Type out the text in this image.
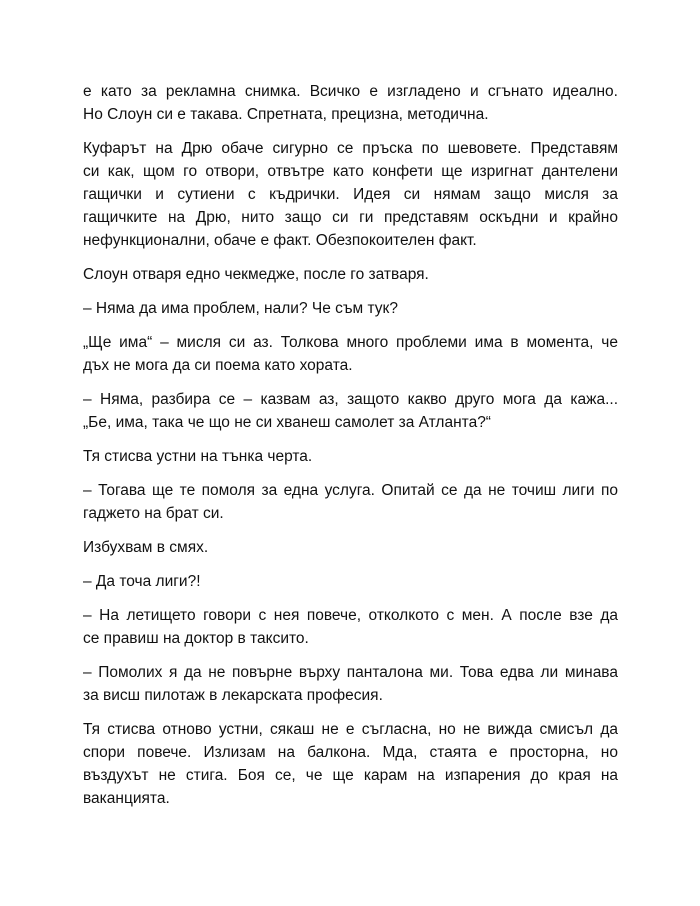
е като за рекламна снимка. Всичко е изгладено и сгънато идеално.
Но Слоун си е такава. Спретната, прецизна, методична.

Куфарът на Дрю обаче сигурно се пръска по шевовете. Представям
си как, щом го отвори, отвътре като конфети ще изригнат дантелени
гащички и сутиени с къдрички. Идея си нямам защо мисля за
гащичките на Дрю, нито защо си ги представям оскъдни и крайно
нефункционални, обаче е факт. Обезпокоителен факт.

Слоун отваря едно чекмедже, после го затваря.

– Няма да има проблем, нали? Че съм тук?

„Ще има“ – мисля си аз. Толкова много проблеми има в момента, че
дъх не мога да си поема като хората.

– Няма, разбира се – казвам аз, защото какво друго мога да кажа...
„Бе, има, така че що не си хванеш самолет за Атланта?“

Тя стисва устни на тънка черта.

– Тогава ще те помоля за една услуга. Опитай се да не точиш лиги по
гаджето на брат си.

Избухвам в смях.

– Да точа лиги?!

– На летището говори с нея повече, отколкото с мен. А после взе да
се правиш на доктор в таксито.

– Помолих я да не повърне върху панталона ми. Това едва ли минава
за висш пилотаж в лекарската професия.

Тя стисва отново устни, сякаш не е съгласна, но не вижда смисъл да
спори повече. Излизам на балкона. Мда, стаята е просторна, но
въздухът не стига. Боя се, че ще карам на изпарения до края на
ваканцията.
